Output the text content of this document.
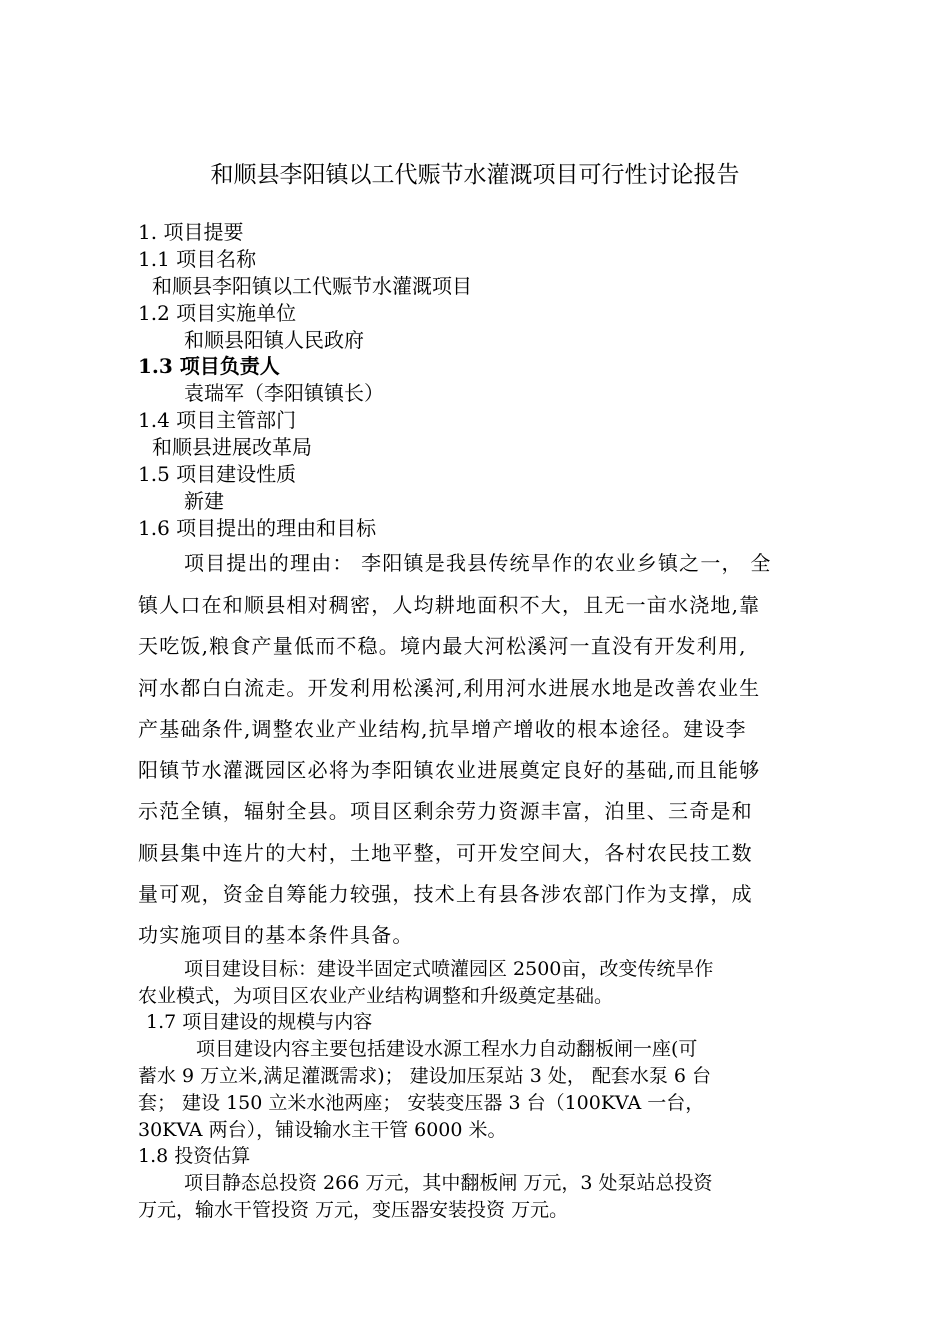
和顺县李阳镇以工代赈节水灌溉项目可行性讨论报告
1. 项目提要
1.1 项目名称
和顺县李阳镇以工代赈节水灌溉项目
1.2 项目实施单位
和顺县阳镇人民政府
1.3 项目负责人
袁瑞军（李阳镇镇长）
1.4 项目主管部门
和顺县进展改革局
1.5 项目建设性质
新建
1.6 项目提出的理由和目标
项目提出的理由： 李阳镇是我县传统旱作的农业乡镇之一， 全
镇人口在和顺县相对稠密，人均耕地面积不大，且无一亩水浇地,靠
天吃饭,粮食产量低而不稳。境内最大河松溪河一直没有开发利用,
河水都白白流走。开发利用松溪河,利用河水进展水地是改善农业生
产基础条件,调整农业产业结构,抗旱增产增收的根本途径。建设李
阳镇节水灌溉园区必将为李阳镇农业进展奠定良好的基础,而且能够
示范全镇，辐射全县。项目区剩余劳力资源丰富，泊里、三奇是和
顺县集中连片的大村，土地平整，可开发空间大，各村农民技工数
量可观，资金自筹能力较强，技术上有县各涉农部门作为支撑，成
功实施项目的基本条件具备。
项目建设目标：建设半固定式喷灌园区 2500亩，改变传统旱作
农业模式，为项目区农业产业结构调整和升级奠定基础。
1.7 项目建设的规模与内容
项目建设内容主要包括建设水源工程水力自动翻板闸一座(可
蓄水 9 万立米,满足灌溉需求)； 建设加压泵站 3 处， 配套水泵 6 台
套； 建设 150 立米水池两座； 安装变压器 3 台（100KVA 一台，
30KVA 两台），铺设输水主干管 6000 米。
1.8 投资估算
项目静态总投资 266 万元，其中翻板闸 万元，3 处泵站总投资
万元，输水干管投资 万元，变压器安装投资 万元。
